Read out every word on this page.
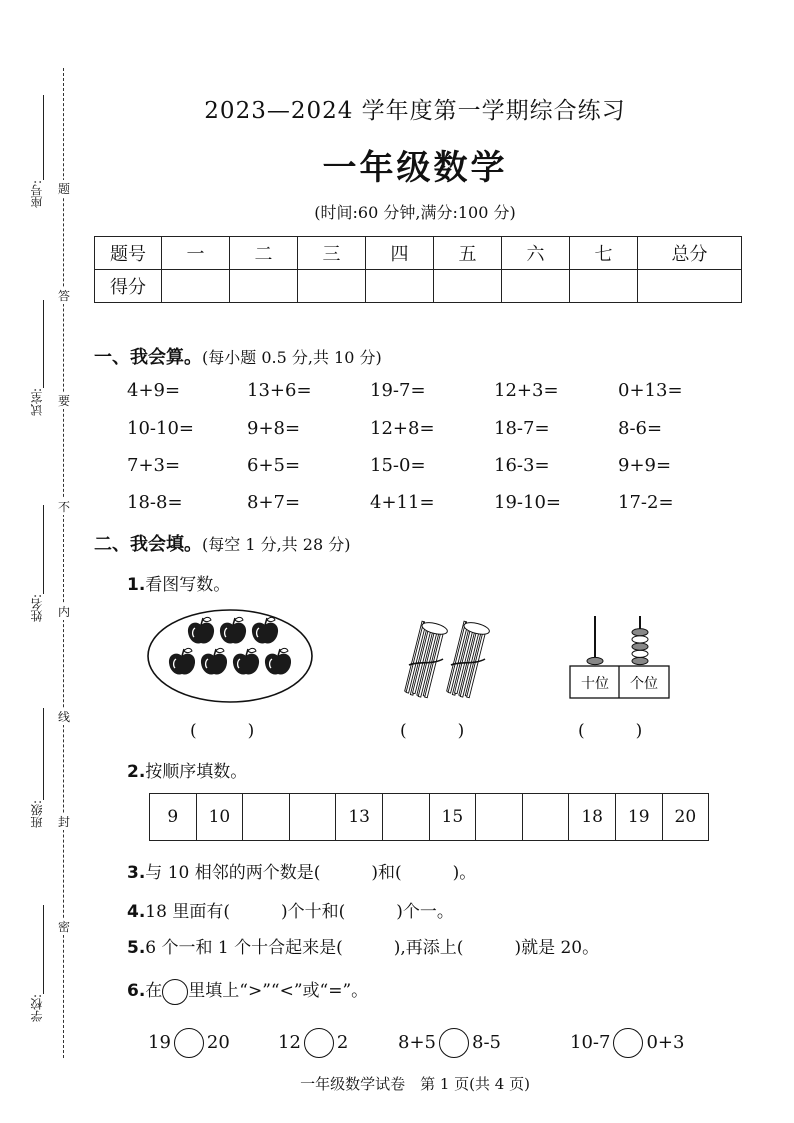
题
答
要
不
内
线
封
密
座号:
试室:
姓名:
班级:
学校:
2023—2024 学年度第一学期综合练习
一年级数学
(时间:60 分钟,满分:100 分)
题号	一	二	三	四	五	六	七	总分
得分								
一、我会算。(每小题 0.5 分,共 10 分)
4+9=	13+6=	19-7=	12+3=	0+13=
10-10=	9+8=	12+8=	18-7=	8-6=
7+3=	6+5=	15-0=	16-3=	9+9=
18-8=	8+7=	4+11=	19-10=	17-2=
二、我会填。(每空 1 分,共 28 分)
1.看图写数。
十位 个位
(　　　)	(　　　)	(　　　)
2.按顺序填数。
9	10			13		15			18	19	20
3.与 10 相邻的两个数是(　　　)和(　　　)。
4.18 里面有(　　　)个十和(　　　)个一。
5.6 个一和 1 个十合起来是(　　　),再添上(　　　)就是 20。
6.在 里填上“>”“<”或“=”。
19 20	12 2	8+5 8-5	10-7 0+3
一年级数学试卷　第 1 页(共 4 页)
